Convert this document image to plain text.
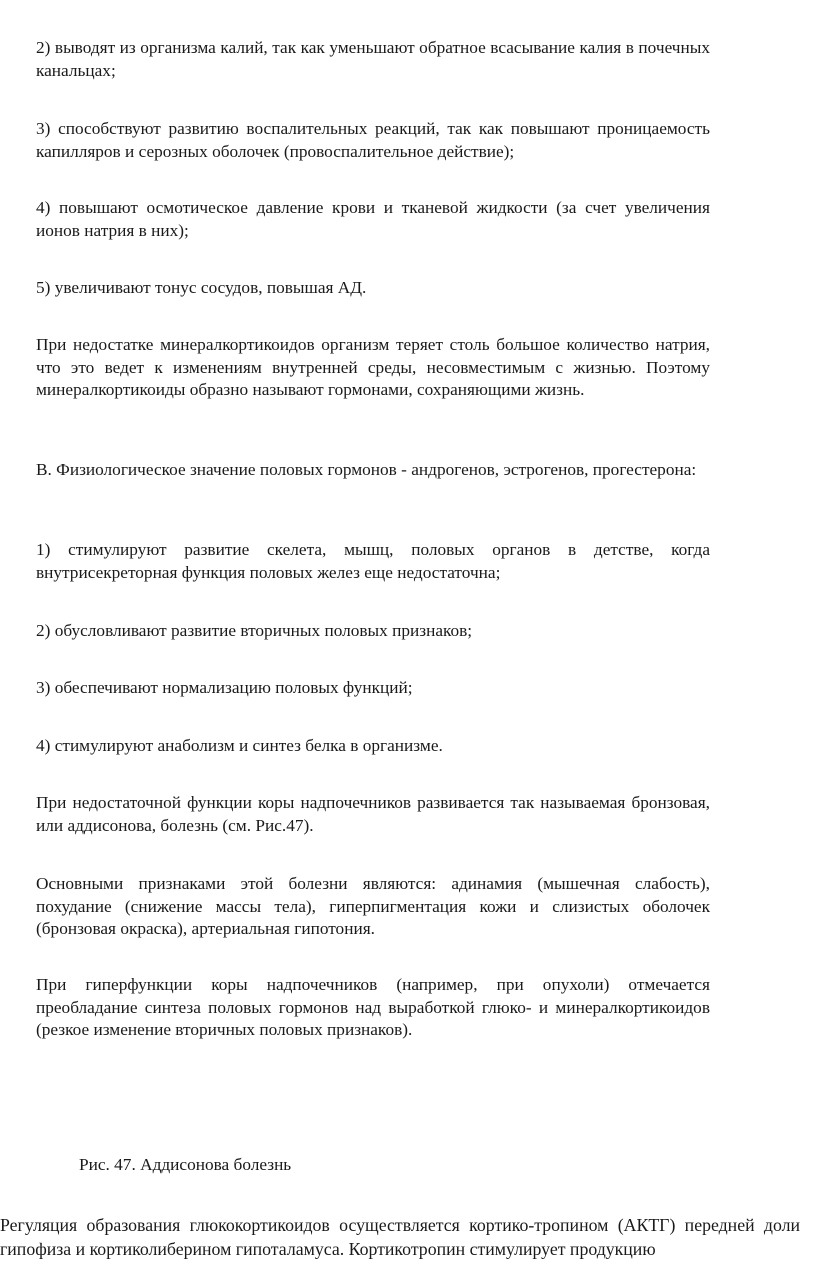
2) выводят из организма калий, так как уменьшают обратное всасывание калия в почечных канальцах;

3) способствуют развитию воспалительных реакций, так как повышают проницаемость капилляров и серозных оболочек (провоспалительное действие);

4) повышают осмотическое давление крови и тканевой жидкости (за счет увеличения ионов натрия в них);

5) увеличивают тонус сосудов, повышая АД.

При недостатке минералкортикоидов организм теряет столь большое количество натрия, что это ведет к изменениям внутренней среды, несовместимым с жизнью. Поэтому минералкортикоиды образно называют гормонами, сохраняющими жизнь.

В. Физиологическое значение половых гормонов - андрогенов, эстрогенов, прогестерона:

1) стимулируют развитие скелета, мышц, половых органов в детстве, когда внутрисекреторная функция половых желез еще недостаточна;

2) обусловливают развитие вторичных половых признаков;

3) обеспечивают нормализацию половых функций;

4) стимулируют анаболизм и синтез белка в организме.

При недостаточной функции коры надпочечников развивается так называемая бронзовая, или аддисонова, болезнь (см. Рис.47).

Основными признаками этой болезни являются: адинамия (мышечная слабость), похудание (снижение массы тела), гиперпигментация кожи и слизистых оболочек (бронзовая окраска), артериальная гипотония.

При гиперфункции коры надпочечников (например, при опухоли) отмечается преобладание синтеза половых гормонов над выработкой глюко- и минералкортикоидов (резкое изменение вторичных половых признаков).

Рис. 47. Аддисонова болезнь

Регуляция образования глюкокортикоидов осуществляется кортико-тропином (АКТГ) передней доли гипофиза и кортиколиберином гипоталамуса. Кортикотропин стимулирует продукцию
